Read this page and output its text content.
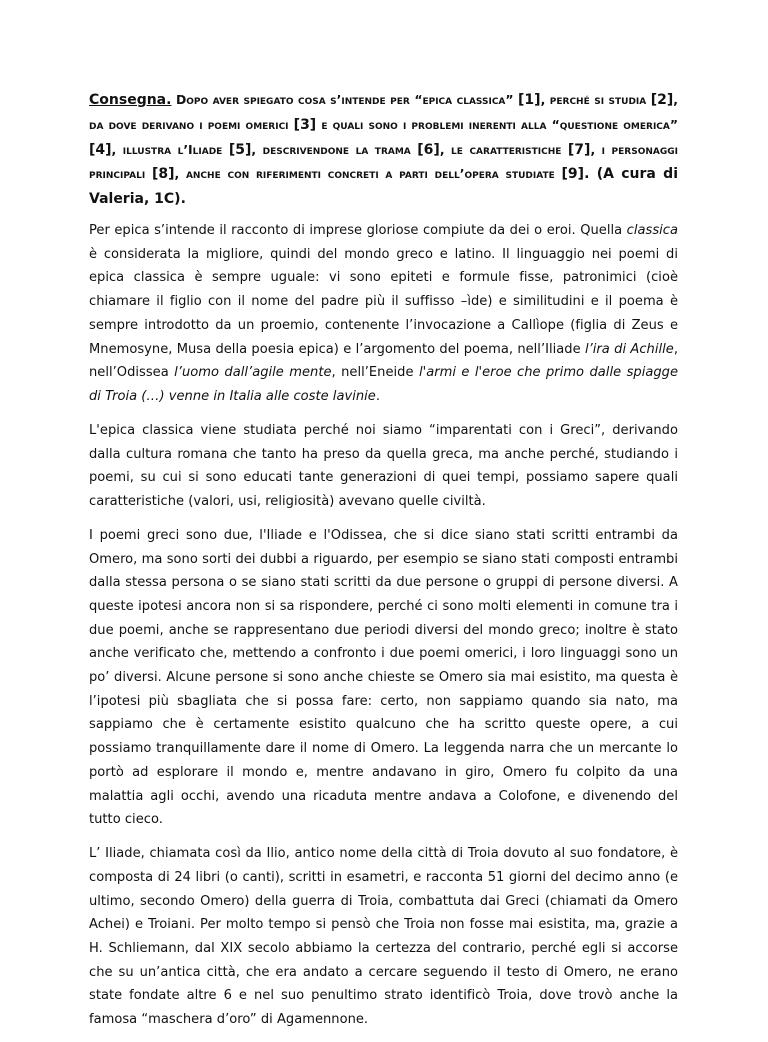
Consegna. Dopo aver spiegato cosa s’intende per “epica classica” [1], perché si studia [2], da dove derivano i poemi omerici [3] e quali sono i problemi inerenti alla “questione omerica” [4], illustra l’Iliade [5], descrivendone la trama [6], le caratteristiche [7], i personaggi principali [8], anche con riferimenti concreti a parti dell’opera studiate [9]. (A cura di Valeria, 1C).

Per epica s’intende il racconto di imprese gloriose compiute da dei o eroi. Quella classica è considerata la migliore, quindi del mondo greco e latino. Il linguaggio nei poemi di epica classica è sempre uguale: vi sono epiteti e formule fisse, patronimici (cioè chiamare il figlio con il nome del padre più il suffisso –ìde) e similitudini e il poema è sempre introdotto da un proemio, contenente l’invocazione a Callìope (figlia di Zeus e Mnemosyne, Musa della poesia epica) e l’argomento del poema, nell’Iliade l’ira di Achille, nell’Odissea l’uomo dall’agile mente, nell’Eneide l'armi e l'eroe che primo dalle spiagge di Troia (…) venne in Italia alle coste lavinie.

L'epica classica viene studiata perché noi siamo “imparentati con i Greci”, derivando dalla cultura romana che tanto ha preso da quella greca, ma anche perché, studiando i poemi, su cui si sono educati tante generazioni di quei tempi, possiamo sapere quali caratteristiche (valori, usi, religiosità) avevano quelle civiltà.

I poemi greci sono due, l'Iliade e l'Odissea, che si dice siano stati scritti entrambi da Omero, ma sono sorti dei dubbi a riguardo, per esempio se siano stati composti entrambi dalla stessa persona o se siano stati scritti da due persone o gruppi di persone diversi. A queste ipotesi ancora non si sa rispondere, perché ci sono molti elementi in comune tra i due poemi, anche se rappresentano due periodi diversi del mondo greco; inoltre è stato anche verificato che, mettendo a confronto i due poemi omerici, i loro linguaggi sono un po’ diversi. Alcune persone si sono anche chieste se Omero sia mai esistito, ma questa è l’ipotesi più sbagliata che si possa fare: certo, non sappiamo quando sia nato, ma sappiamo che è certamente esistito qualcuno che ha scritto queste opere, a cui possiamo tranquillamente dare il nome di Omero. La leggenda narra che un mercante lo portò ad esplorare il mondo e, mentre andavano in giro, Omero fu colpito da una malattia agli occhi, avendo una ricaduta mentre andava a Colofone, e divenendo del tutto cieco.

L’ Iliade, chiamata così da Ilio, antico nome della città di Troia dovuto al suo fondatore, è composta di 24 libri (o canti), scritti in esametri, e racconta 51 giorni del decimo anno (e ultimo, secondo Omero) della guerra di Troia, combattuta dai Greci (chiamati da Omero Achei) e Troiani. Per molto tempo si pensò che Troia non fosse mai esistita, ma, grazie a H. Schliemann, dal XIX secolo abbiamo la certezza del contrario, perché egli si accorse che su un’antica città, che era andato a cercare seguendo il testo di Omero, ne erano state fondate altre 6 e nel suo penultimo strato identificò Troia, dove trovò anche la famosa “maschera d’oro” di Agamennone.
